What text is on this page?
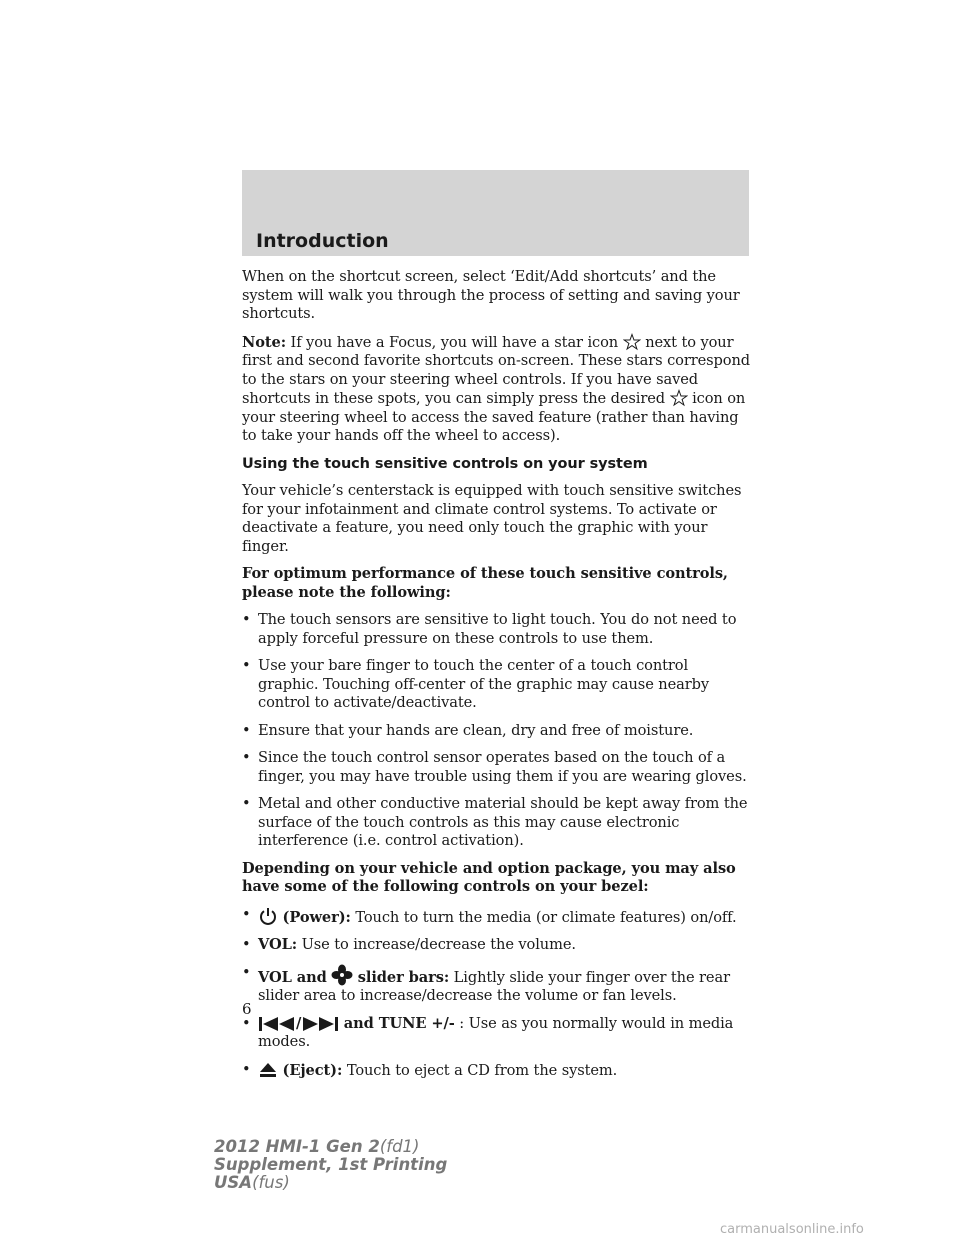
Introduction

When on the shortcut screen, select ‘Edit/Add shortcuts’ and the system will walk you through the process of setting and saving your shortcuts.

Note: If you have a Focus, you will have a star icon next to your first and second favorite shortcuts on-screen. These stars correspond to the stars on your steering wheel controls. If you have saved shortcuts in these spots, you can simply press the desired icon on your steering wheel to access the saved feature (rather than having to take your hands off the wheel to access).

Using the touch sensitive controls on your system

Your vehicle’s centerstack is equipped with touch sensitive switches for your infotainment and climate control systems. To activate or deactivate a feature, you need only touch the graphic with your finger.

For optimum performance of these touch sensitive controls, please note the following:

• The touch sensors are sensitive to light touch. You do not need to apply forceful pressure on these controls to use them.
• Use your bare finger to touch the center of a touch control graphic. Touching off-center of the graphic may cause nearby control to activate/deactivate.
• Ensure that your hands are clean, dry and free of moisture.
• Since the touch control sensor operates based on the touch of a finger, you may have trouble using them if you are wearing gloves.
• Metal and other conductive material should be kept away from the surface of the touch controls as this may cause electronic interference (i.e. control activation).

Depending on your vehicle and option package, you may also have some of the following controls on your bezel:

• (Power): Touch to turn the media (or climate features) on/off.
• VOL: Use to increase/decrease the volume.
• VOL and slider bars: Lightly slide your finger over the rear slider area to increase/decrease the volume or fan levels.
•	/	and TUNE +/- : Use as you normally would in media modes.
• (Eject): Touch to eject a CD from the system.
6
2012 HMI-1 Gen 2(fd1)
Supplement, 1st Printing
USA(fus)
carmanualsonline.info
